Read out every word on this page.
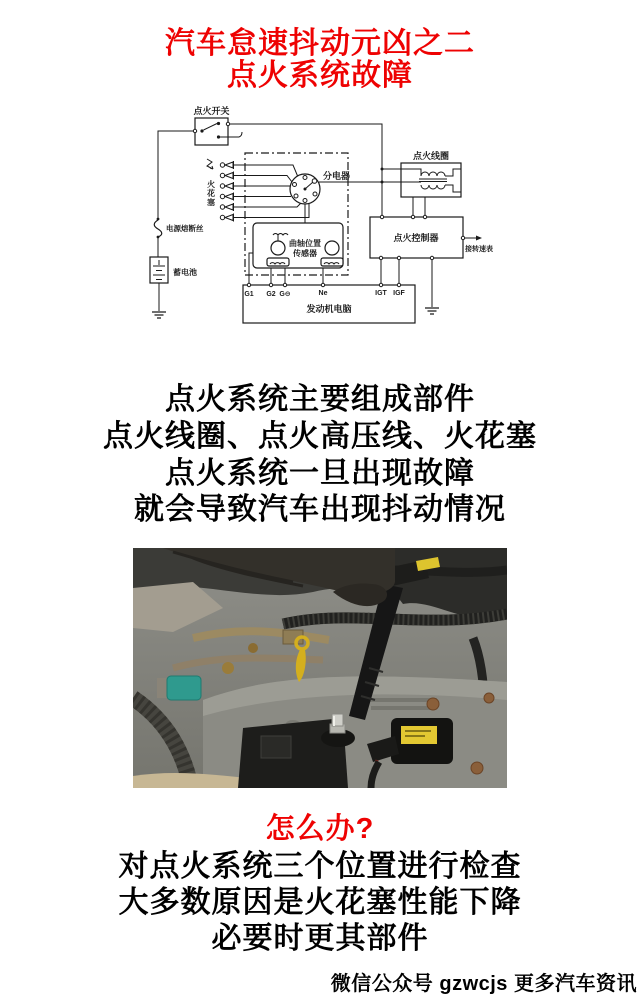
汽车怠速抖动元凶之二
点火系统故障
点火开关
电源熔断丝
蓄电池
火
花
塞
分电器
点火线圈
曲轴位置
传感器
点火控制器
接转速表
G1 G2 G⊖	Ne	IGT IGF
发动机电脑
点火系统主要组成部件
点火线圈、点火高压线、火花塞
点火系统一旦出现故障
就会导致汽车出现抖动情况
怎么办?
对点火系统三个位置进行检查
大多数原因是火花塞性能下降
必要时更其部件
微信公众号 gzwcjs 更多汽车资讯
